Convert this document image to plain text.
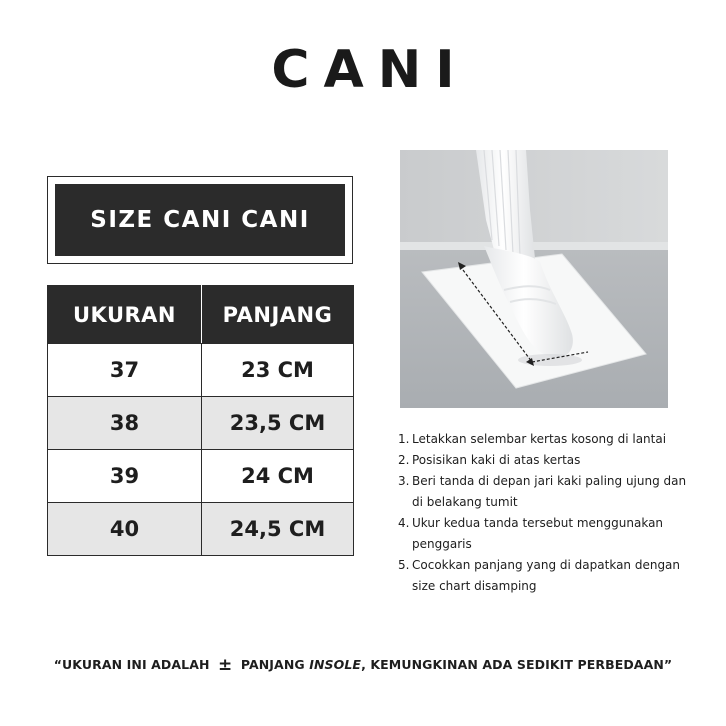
CANI
SIZE CANI CANI
UKURAN	PANJANG
37	23 CM
38	23,5 CM
39	24 CM
40	24,5 CM
1. Letakkan selembar kertas kosong di lantai
2. Posisikan kaki di atas kertas
3. Beri tanda di depan jari kaki paling ujung dan di belakang tumit
4. Ukur kedua tanda tersebut menggunakan penggaris
5. Cocokkan panjang yang di dapatkan dengan size chart disamping
“UKURAN INI ADALAH ± PANJANG INSOLE, KEMUNGKINAN ADA SEDIKIT PERBEDAAN”
